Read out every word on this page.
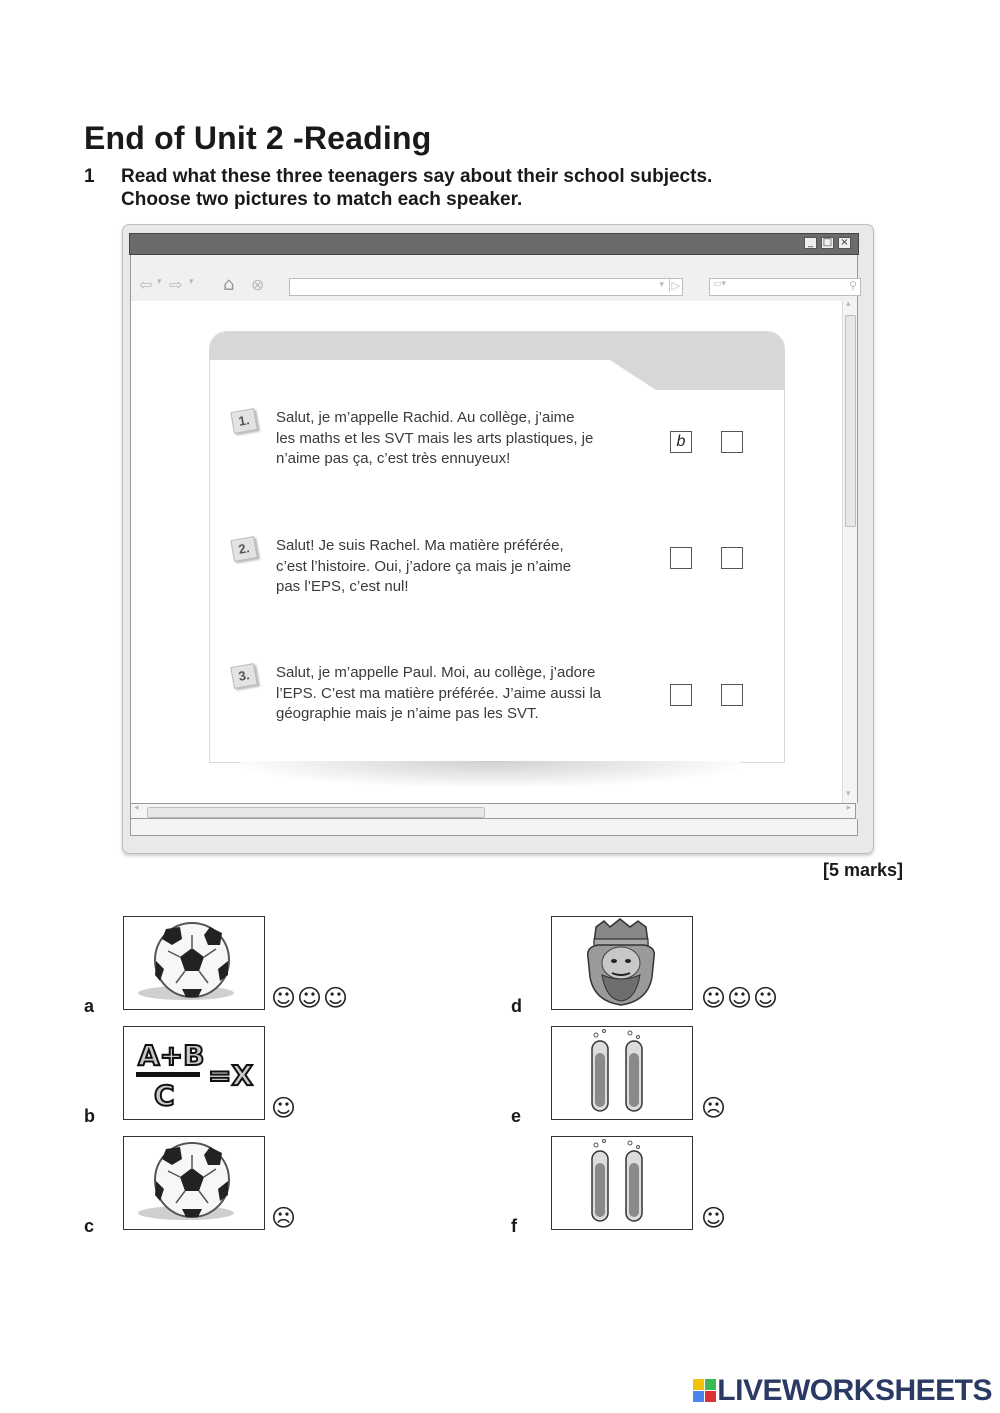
End of Unit 2 -Reading
1 Read what these three teenagers say about their school subjects.
Choose two pictures to match each speaker.
_ □ ×
⇦ ▾ ⇨ ▾ ⌂ ⊗	▾ ▷	▭▾	⚲
1.	Salut, je m’appelle Rachid. Au collège, j’aime
les maths et les SVT mais les arts plastiques, je
n’aime pas ça, c’est très ennuyeux!
b
2.	Salut! Je suis Rachel. Ma matière préférée,
c’est l’histoire. Oui, j’adore ça mais je n’aime
pas l’EPS, c’est nul!
3.	Salut, je m’appelle Paul. Moi, au collège, j’adore
l’EPS. C’est ma matière préférée. J’aime aussi la
géographie mais je n’aime pas les SVT.
▴
▾
◂	▸
[5 marks]
a	☺☺☺
b
A+B
C
=X
☺
c	☹
d	☺☺☺
e	☹
f	☺
LIVEWORKSHEETS
